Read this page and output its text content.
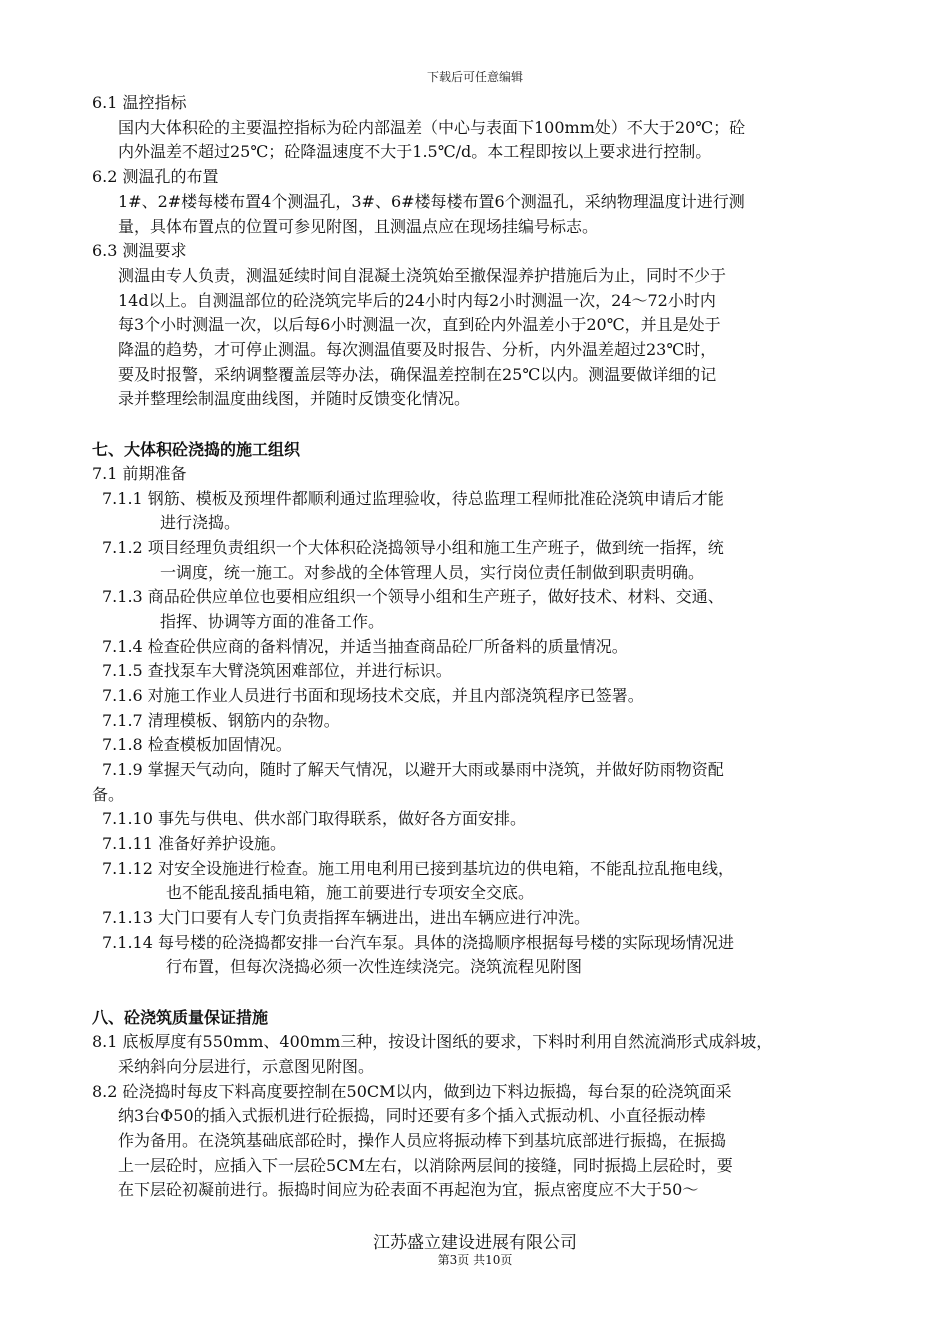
下载后可任意编辑
6.1 温控指标
国内大体积砼的主要温控指标为砼内部温差（中心与表面下100mm处）不大于20℃；砼
内外温差不超过25℃；砼降温速度不大于1.5℃/d。本工程即按以上要求进行控制。
6.2 测温孔的布置
1#、2#楼每楼布置4个测温孔，3#、6#楼每楼布置6个测温孔，采纳物理温度计进行测
量，具体布置点的位置可参见附图，且测温点应在现场挂编号标志。
6.3 测温要求
测温由专人负责，测温延续时间自混凝土浇筑始至撤保湿养护措施后为止，同时不少于
14d以上。自测温部位的砼浇筑完毕后的24小时内每2小时测温一次，24～72小时内
每3个小时测温一次，以后每6小时测温一次，直到砼内外温差小于20℃，并且是处于
降温的趋势，才可停止测温。每次测温值要及时报告、分析，内外温差超过23℃时，
要及时报警，采纳调整覆盖层等办法，确保温差控制在25℃以内。测温要做详细的记
录并整理绘制温度曲线图，并随时反馈变化情况。
七、大体积砼浇捣的施工组织
7.1 前期准备
7.1.1 钢筋、模板及预埋件都顺利通过监理验收，待总监理工程师批准砼浇筑申请后才能
进行浇捣。
7.1.2 项目经理负责组织一个大体积砼浇捣领导小组和施工生产班子，做到统一指挥，统
一调度，统一施工。对参战的全体管理人员，实行岗位责任制做到职责明确。
7.1.3 商品砼供应单位也要相应组织一个领导小组和生产班子，做好技术、材料、交通、
指挥、协调等方面的准备工作。
7.1.4 检查砼供应商的备料情况，并适当抽查商品砼厂所备料的质量情况。
7.1.5 查找泵车大臂浇筑困难部位，并进行标识。
7.1.6 对施工作业人员进行书面和现场技术交底，并且内部浇筑程序已签署。
7.1.7 清理模板、钢筋内的杂物。
7.1.8 检查模板加固情况。
7.1.9 掌握天气动向，随时了解天气情况，以避开大雨或暴雨中浇筑，并做好防雨物资配
备。
7.1.10 事先与供电、供水部门取得联系，做好各方面安排。
7.1.11 准备好养护设施。
7.1.12 对安全设施进行检查。施工用电利用已接到基坑边的供电箱，不能乱拉乱拖电线，
也不能乱接乱插电箱，施工前要进行专项安全交底。
7.1.13 大门口要有人专门负责指挥车辆进出，进出车辆应进行冲洗。
7.1.14 每号楼的砼浇捣都安排一台汽车泵。具体的浇捣顺序根据每号楼的实际现场情况进
行布置，但每次浇捣必须一次性连续浇完。浇筑流程见附图
八、砼浇筑质量保证措施
8.1 底板厚度有550mm、400mm三种，按设计图纸的要求，下料时利用自然流淌形式成斜坡，
采纳斜向分层进行，示意图见附图。
8.2 砼浇捣时每皮下料高度要控制在50CM以内，做到边下料边振捣，每台泵的砼浇筑面采
纳3台Φ50的插入式振机进行砼振捣，同时还要有多个插入式振动机、小直径振动棒
作为备用。在浇筑基础底部砼时，操作人员应将振动棒下到基坑底部进行振捣，在振捣
上一层砼时，应插入下一层砼5CM左右，以消除两层间的接缝，同时振捣上层砼时，要
在下层砼初凝前进行。振捣时间应为砼表面不再起泡为宜，振点密度应不大于50～
江苏盛立建设进展有限公司
第3页 共10页
